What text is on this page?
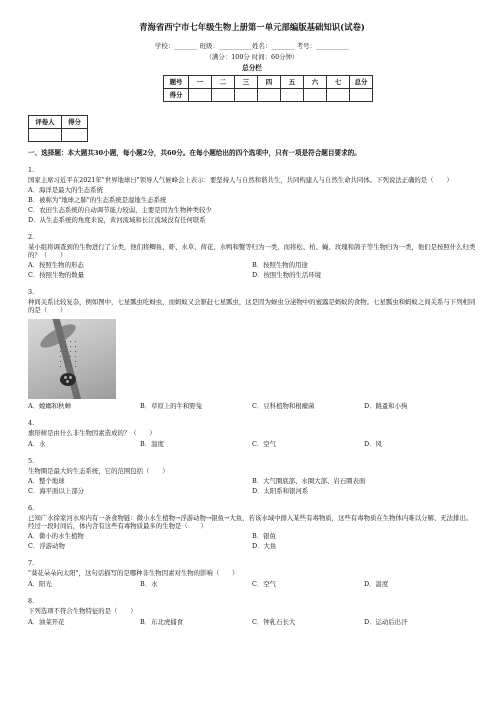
青海省西宁市七年级生物上册第一单元部编版基础知识(试卷)
学校：_______ 班级：__________姓名：_______ 考号：__________
（满分：100分 时间：60分钟）
总分栏
题号	一	二	三	四	五	六	七	总分
得分								
评卷人	得分

一、选择题：本大题共30小题，每小题2分，共60分。在每小题给出的四个选项中，只有一项是符合题目要求的。
1.
国家主席习近平在2021年"世界地球日"领导人气候峰会上表示：要坚持人与自然和谐共生，共同构建人与自然生命共同体。下列说法正确的是（　　）
A．海洋是最大的生态系统
B．被称为"地球之肺"的生态系统是湿地生态系统
C．农田生态系统的自动调节能力较弱，主要是因为生物种类较少
D．从生态系统的角度来说，黄河流域和长江流域没有任何联系
2.
某小组将调查到的生物进行了分类，他们将鲫鱼、虾、水草、荷花、水鸭和蟹等归为一类，而将松、柏、蝇、玫瑰和鸽子等生物归为一类，他们是按照什么归类的？（　　）
A．按照生物的形态	B．按照生物的用途
C．按照生物的数量	D．按照生物的生活环境
3.
种间关系比较复杂，例如图中，七星瓢虫吃蚜虫，而蚂蚁又会驱赶七星瓢虫，这是因为蚜虫分泌物中的蜜露是蚂蚁的食物。七星瓢虫和蚂蚁之间关系与下列相同的是（　　）
A．螳螂和秋蝉	B．草原上的牛和野兔	C．豆科植物和根瘤菌	D．跳蚤和小狗
4.
旗形树是由什么非生物因素造成的？（　　）
A．水	B．温度	C．空气	D．风
5.
生物圈是最大的生态系统，它的范围包括（　　）
A．整个地球	B．大气圈底部、水圈大部、岩石圈表面
C．海平面以上部分	D．太阳系和银河系
6.
已知广水徐家河水库内有一条食物链：微小水生植物→浮游动物→银鱼→大鱼，若该水域中排入某些有毒物质，这些有毒物质在生物体内难以分解、无法排出。经过一段时间后，体内含有这些有毒物质最多的生物是（　　）
A．微小的水生植物	B．银鱼
C．浮游动物	D．大鱼
7.
"葵花朵朵向太阳"，这句话描写的是哪种非生物因素对生物的影响（　　）
A．阳光	B．水	C．空气	D．温度
8.
下列选项不符合生物特征的是（　　）
A．油菜开花	B．东北虎捕食	C．钟乳石长大	D．运动后出汗
